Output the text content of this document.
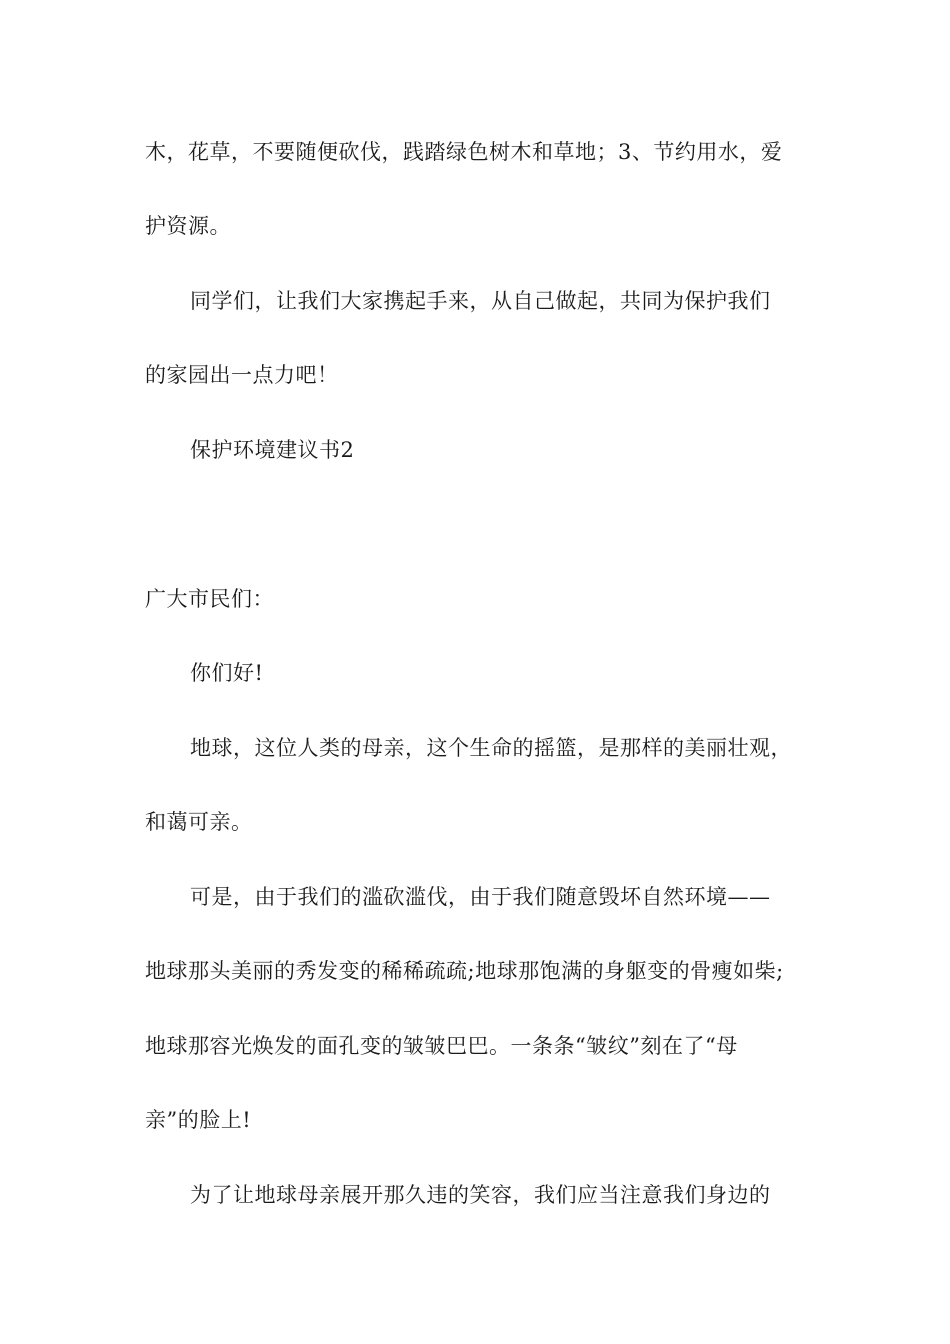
木，花草，不要随便砍伐，践踏绿色树木和草地；3、节约用水，爱
护资源。
同学们，让我们大家携起手来，从自己做起，共同为保护我们
的家园出一点力吧！
保护环境建议书2
广大市民们：
你们好!
地球，这位人类的母亲，这个生命的摇篮，是那样的美丽壮观，
和蔼可亲。
可是，由于我们的滥砍滥伐，由于我们随意毁坏自然环境——
地球那头美丽的秀发变的稀稀疏疏;地球那饱满的身躯变的骨瘦如柴;
地球那容光焕发的面孔变的皱皱巴巴。一条条“皱纹”刻在了“母
亲”的脸上!
为了让地球母亲展开那久违的笑容，我们应当注意我们身边的
